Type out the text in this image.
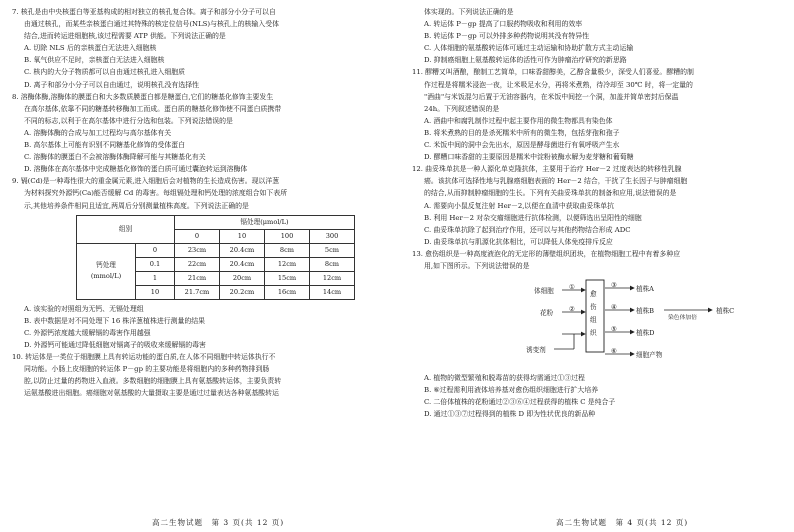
7. 核孔是由中央核蛋白等亚基构成的相对独立的核孔复合体。离子和部分小分子可以自

由通过核孔，而某些亲核蛋白通过其特殊的核定位信号(NLS)与核孔上的核输入受体

结合,进而转运进细胞核,该过程需要 ATP 供能。下列说法正确的是

A. 切除 NLS 后的亲核蛋白无法进入细胞核

B. 氧气供应不足时，亲核蛋白无法进入细胞核

C. 核内的大分子物质都可以自由通过核孔进入细胞质

D. 离子和部分小分子可以自由通过，说明核孔没有选择性

8. 溶酶体酶,溶酶体的膜蛋白和大多数质膜蛋白都是糖蛋白,它们的糖基化修饰主要发生

在高尔基体,依靠不同的糖基转移酶加工而成。蛋白质的糖基化修饰使不同蛋白质携带

不同的标志,以利于在高尔基体中进行分选和包装。下列说法错误的是

A. 溶酶体酶的合成与加工过程均与高尔基体有关

B. 高尔基体上可能有识别不同糖基化修饰的受体蛋白

C. 溶酶体的膜蛋白不会被溶酶体酶降解可能与其糖基化有关

D. 溶酶体在高尔基体中完成糖基化修饰的蛋白质可通过囊泡转运到溶酶体

9. 镉(Cd)是一种毒性很大的重金属元素,进入细胞后会对植物的生长造成伤害。现以洋葱

为材料探究外源钙(Ca)能否缓解 Cd 的毒害。每组镉处理和钙处理的浓度组合如下表所

示,其他培养条件相同且适宜,两周后分别测量植株高度。下列说法正确的是

组别		镉处理(μmol/L)			
		0	10	100	300

钙处理
(mmol/L)	0	23cm	20.4cm	8cm	5cm
	0.1	22cm	20.4cm	12cm	8cm
	1	21cm	20cm	15cm	12cm
	10	21.7cm	20.2cm	16cm	14cm

A. 该实验的对照组为无钙、无镉处理组

B. 表中数据是对不同处理下 16 株洋葱植株进行测量的结果

C. 外源钙浓度越大缓解镉的毒害作用越强

D. 外源钙可能通过降低细胞对镉离子的吸收来缓解镉的毒害

10. 转运体是一类位于细胞膜上具有转运功能的蛋白质,在人体不同细胞中转运体执行不

同功能。小肠上皮细胞的转运体 P－gp 的主要功能是将细胞内的多种药物排到肠

腔,以防止过量的药物进入血液。多数细胞的细胞膜上具有氨基酸转运体，主要负责转

运氨基酸进出细胞。癌细胞对氨基酸的大量摄取主要是通过过量表达各种氨基酸转运

高二生物试题　第 3 页(共 12 页)

体实现的。下列说法正确的是

A. 转运体 P－gp 提高了口服药物吸收和利用的效率

B. 转运体 P－gp 可以外排多种药物说明其没有特异性

C. 人体细胞的氨基酸转运体可通过主动运输和协助扩散方式主动运输

D. 抑制癌细胞上氨基酸转运体的活性可作为肿瘤治疗研究的新思路

11. 醪糟又叫酒酿，酿制工艺简单，口味香甜醇美，乙醇含量极少，深受人们喜爱。醪糟的制

作过程是将糯米浸泡一夜，让米吸足水分，再将米煮熟，待冷却至 30℃ 时，将一定量的

"酒曲"与米饭混匀后置于无油容器内，在米饭中间挖一个洞，加盖并简单密封后保温

24h。下列叙述错误的是

A. 酒曲中和腐乳制作过程中起主要作用的微生物都具有染色体

B. 将米煮熟的目的是杀死糯米中所有的微生物，包括芽孢和孢子

C. 米饭中间的洞中会先出水，原因是酵母菌进行有氧呼吸产生水

D. 醪糟口味香甜的主要原因是糯米中淀粉被酶水解为麦芽糖和葡萄糖

12. 曲妥珠单抗是一种人源化单克隆抗体，主要用于治疗 Her－2 过度表达的转移性乳腺

癌。该抗体可选择性地与乳腺癌细胞表面的 Her－2 结合，干扰了生长因子与肿瘤细胞

的结合,从而抑制肿瘤细胞的生长。下列有关曲妥珠单抗的制备和应用,说法错误的是

A. 需要向小鼠反复注射 Her－2,以便在血清中获取曲妥珠单抗

B. 利用 Her－2 对杂交瘤细胞进行抗体检测，以便筛选出呈阳性的细胞

C. 曲妥珠单抗除了起到治疗作用，还可以与其他药物结合形成 ADC

D. 曲妥珠单抗与肌源化抗体相比，可以降低人体免疫排斥反应

13. 愈伤组织是一种高度液泡化的无定形的薄壁组织团块，在植物细胞工程中有着多种应

用,如下图所示。下列说法错误的是

体细胞
花粉
诱变剂
①
②
愈伤组织
③
④
⑤
⑥
植株A
植株B
植株D
细胞产物
染色体加倍
植株C

A. 植物的微型繁殖和脱毒苗的获得均需通过①③过程

B. ⑥过程需利用液体培养基对愈伤组织细胞进行扩大培养

C. 二倍体植株的花粉通过②③⑥④过程获得的植株 C 是纯合子

D. 通过①③⑦过程得到的植株 D 即为性状优良的新品种

高二生物试题　第 4 页(共 12 页)
